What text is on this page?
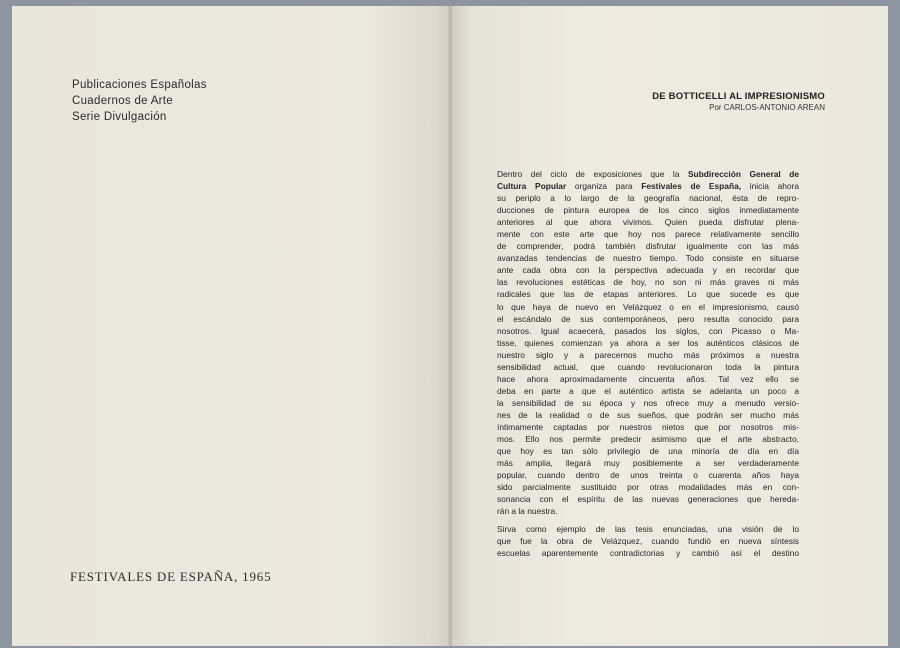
Publicaciones Españolas
Cuadernos de Arte
Serie Divulgación
FESTIVALES DE ESPAÑA, 1965
DE BOTTICELLI AL IMPRESIONISMO
Por CARLOS-ANTONIO AREAN
Dentro del ciclo de exposiciones que la Subdirección General de
Cultura Popular organiza para Festivales de España, inicia ahora
su periplo a lo largo de la geografía nacional, ésta de repro-
ducciones de pintura europea de los cinco siglos inmediatamente
anteriores al que ahora vivimos. Quien pueda disfrutar plena-
mente con este arte que hoy nos parece relativamente sencillo
de comprender, podrá también disfrutar igualmente con las más
avanzadas tendencias de nuestro tiempo. Todo consiste en situarse
ante cada obra con la perspectiva adecuada y en recordar que
las revoluciones estéticas de hoy, no son ni más graves ni más
radicales que las de etapas anteriores. Lo que sucede es que
lo que haya de nuevo en Velázquez o en el impresionismo, causó
el escándalo de sus contemporáneos, pero resulta conocido para
nosotros. Igual acaecerá, pasados los siglos, con Picasso o Ma-
tisse, quienes comienzan ya ahora a ser los auténticos clásicos de
nuestro siglo y a parecernos mucho más próximos a nuestra
sensibilidad actual, que cuando revolucionaron toda la pintura
hace ahora aproximadamente cincuenta años. Tal vez ello se
deba en parte a que el auténtico artista se adelanta un poco a
la sensibilidad de su época y nos ofrece muy a menudo versio-
nes de la realidad o de sus sueños, que podrán ser mucho más
íntimamente captadas por nuestros nietos que por nosotros mis-
mos. Ello nos permite predecir asimismo que el arte abstracto,
que hoy es tan sólo privilegio de una minoría de día en día
más amplia, llegará muy posiblemente a ser verdaderamente
popular, cuando dentro de unos treinta o cuarenta años haya
sido parcialmente sustituido por otras modalidades más en con-
sonancia con el espíritu de las nuevas generaciones que hereda-
rán a la nuestra.
Sirva como ejemplo de las tesis enunciadas, una visión de lo
que fue la obra de Velázquez, cuando fundió en nueva síntesis
escuelas aparentemente contradictorias y cambió así el destino
